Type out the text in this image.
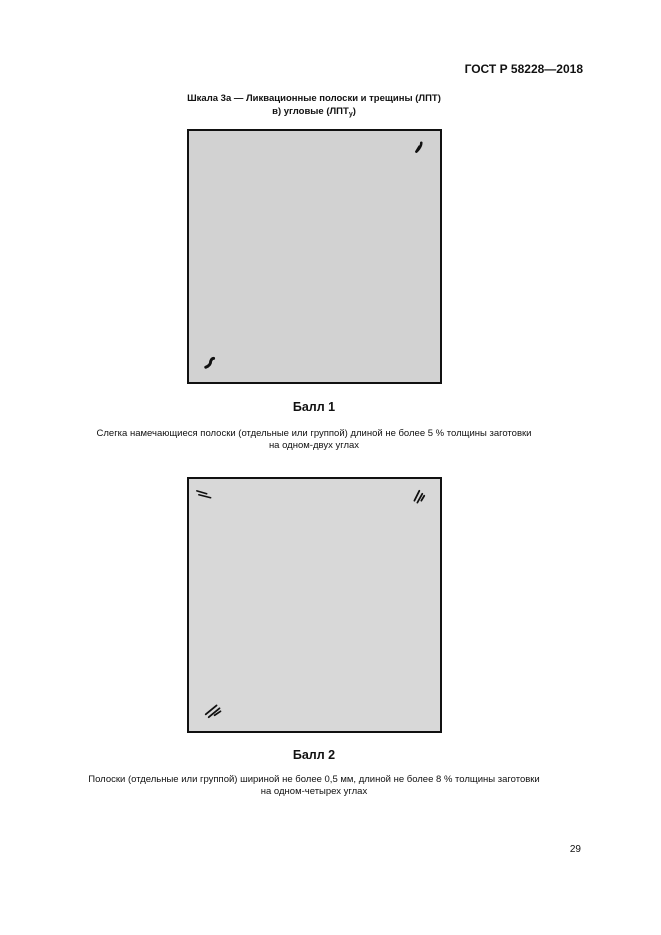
ГОСТ Р 58228—2018
Шкала 3а — Ликвационные полоски и трещины (ЛПТ)
в) угловые $(ЛПТ_у)$
Балл 1
Слегка намечающиеся полоски (отдельные или группой) длиной не более 5 % толщины заготовки
на одном-двух углах
Балл 2
Полоски (отдельные или группой) шириной не более 0,5 мм, длиной не более 8 % толщины заготовки
на одном-четырех углах
29
